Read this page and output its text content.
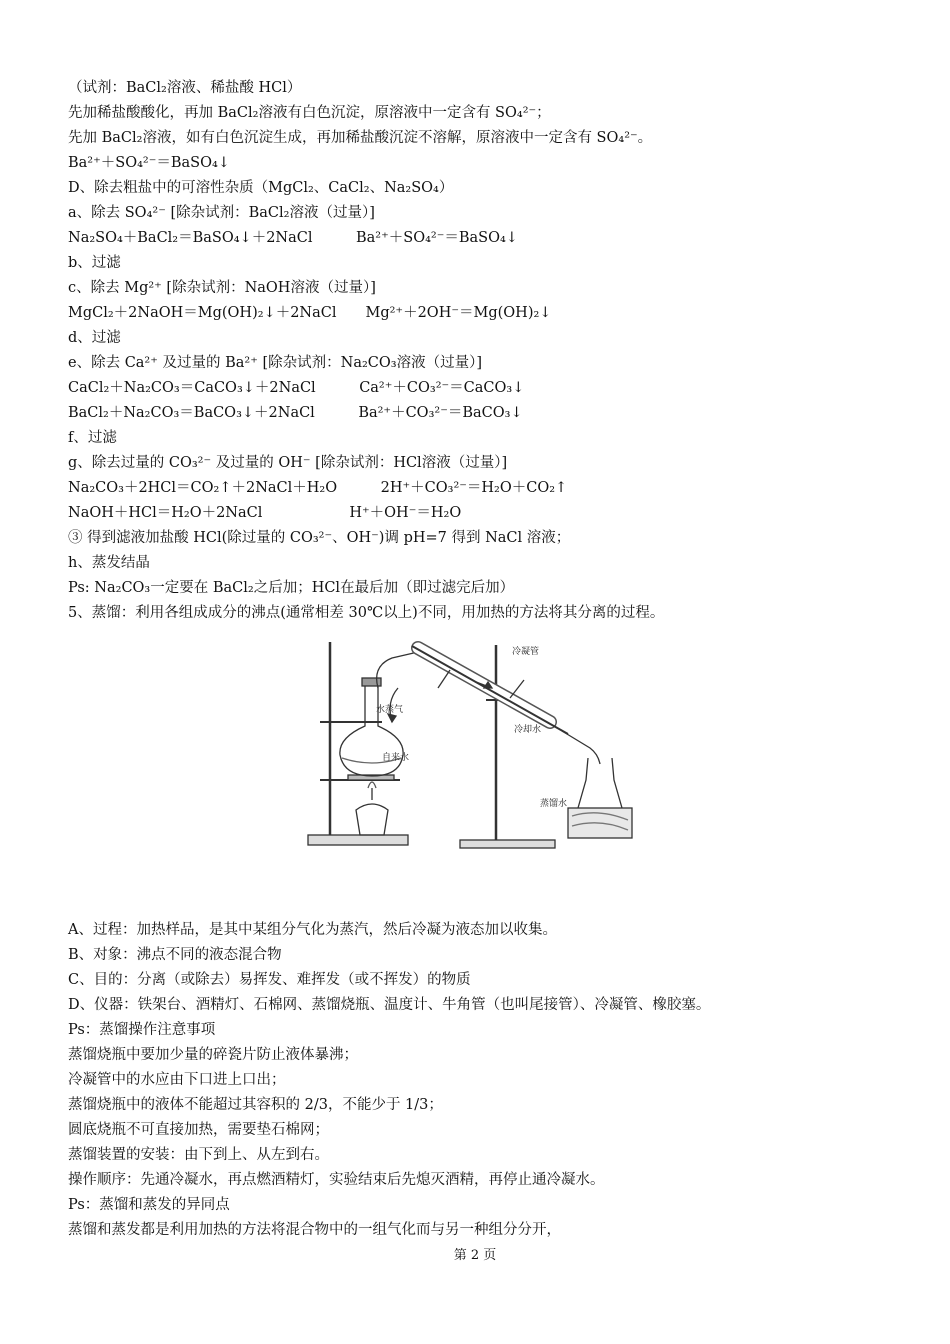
（试剂：BaCl₂溶液、稀盐酸 HCl）
先加稀盐酸酸化，再加 BaCl₂溶液有白色沉淀，原溶液中一定含有 SO₄²⁻；
先加 BaCl₂溶液，如有白色沉淀生成，再加稀盐酸沉淀不溶解，原溶液中一定含有 SO₄²⁻。
Ba²⁺＋SO₄²⁻＝BaSO₄↓
D、除去粗盐中的可溶性杂质（MgCl₂、CaCl₂、Na₂SO₄）
a、除去 SO₄²⁻ [除杂试剂：BaCl₂溶液（过量）]
Na₂SO₄＋BaCl₂＝BaSO₄↓＋2NaCl　　　Ba²⁺＋SO₄²⁻＝BaSO₄↓
b、过滤
c、除去 Mg²⁺ [除杂试剂：NaOH溶液（过量）]
MgCl₂＋2NaOH＝Mg(OH)₂↓＋2NaCl　　Mg²⁺＋2OH⁻＝Mg(OH)₂↓
d、过滤
e、除去 Ca²⁺ 及过量的 Ba²⁺ [除杂试剂：Na₂CO₃溶液（过量）]
CaCl₂＋Na₂CO₃＝CaCO₃↓＋2NaCl　　　Ca²⁺＋CO₃²⁻＝CaCO₃↓
BaCl₂＋Na₂CO₃＝BaCO₃↓＋2NaCl　　　Ba²⁺＋CO₃²⁻＝BaCO₃↓
f、过滤
g、除去过量的 CO₃²⁻ 及过量的 OH⁻ [除杂试剂：HCl溶液（过量）]
Na₂CO₃＋2HCl＝CO₂↑＋2NaCl＋H₂O　　　2H⁺＋CO₃²⁻＝H₂O＋CO₂↑
NaOH＋HCl＝H₂O＋2NaCl　　　　　　H⁺＋OH⁻＝H₂O
③ 得到滤液加盐酸 HCl(除过量的 CO₃²⁻、OH⁻)调 pH=7 得到 NaCl 溶液；
h、蒸发结晶
Ps: Na₂CO₃一定要在 BaCl₂之后加；HCl在最后加（即过滤完后加）
5、蒸馏：利用各组成成分的沸点(通常相差 30℃以上)不同，用加热的方法将其分离的过程。
水蒸气
冷凝管
自来水
冷却水
蒸馏水
A、过程：加热样品，是其中某组分气化为蒸汽，然后冷凝为液态加以收集。
B、对象：沸点不同的液态混合物
C、目的：分离（或除去）易挥发、难挥发（或不挥发）的物质
D、仪器：铁架台、酒精灯、石棉网、蒸馏烧瓶、温度计、牛角管（也叫尾接管）、冷凝管、橡胶塞。
Ps：蒸馏操作注意事项
蒸馏烧瓶中要加少量的碎瓷片防止液体暴沸；
冷凝管中的水应由下口进上口出；
蒸馏烧瓶中的液体不能超过其容积的 2/3，不能少于 1/3；
圆底烧瓶不可直接加热，需要垫石棉网；
蒸馏装置的安装：由下到上、从左到右。
操作顺序：先通冷凝水，再点燃酒精灯，实验结束后先熄灭酒精，再停止通冷凝水。
Ps：蒸馏和蒸发的异同点
蒸馏和蒸发都是利用加热的方法将混合物中的一组气化而与另一种组分分开，
第 2 页
